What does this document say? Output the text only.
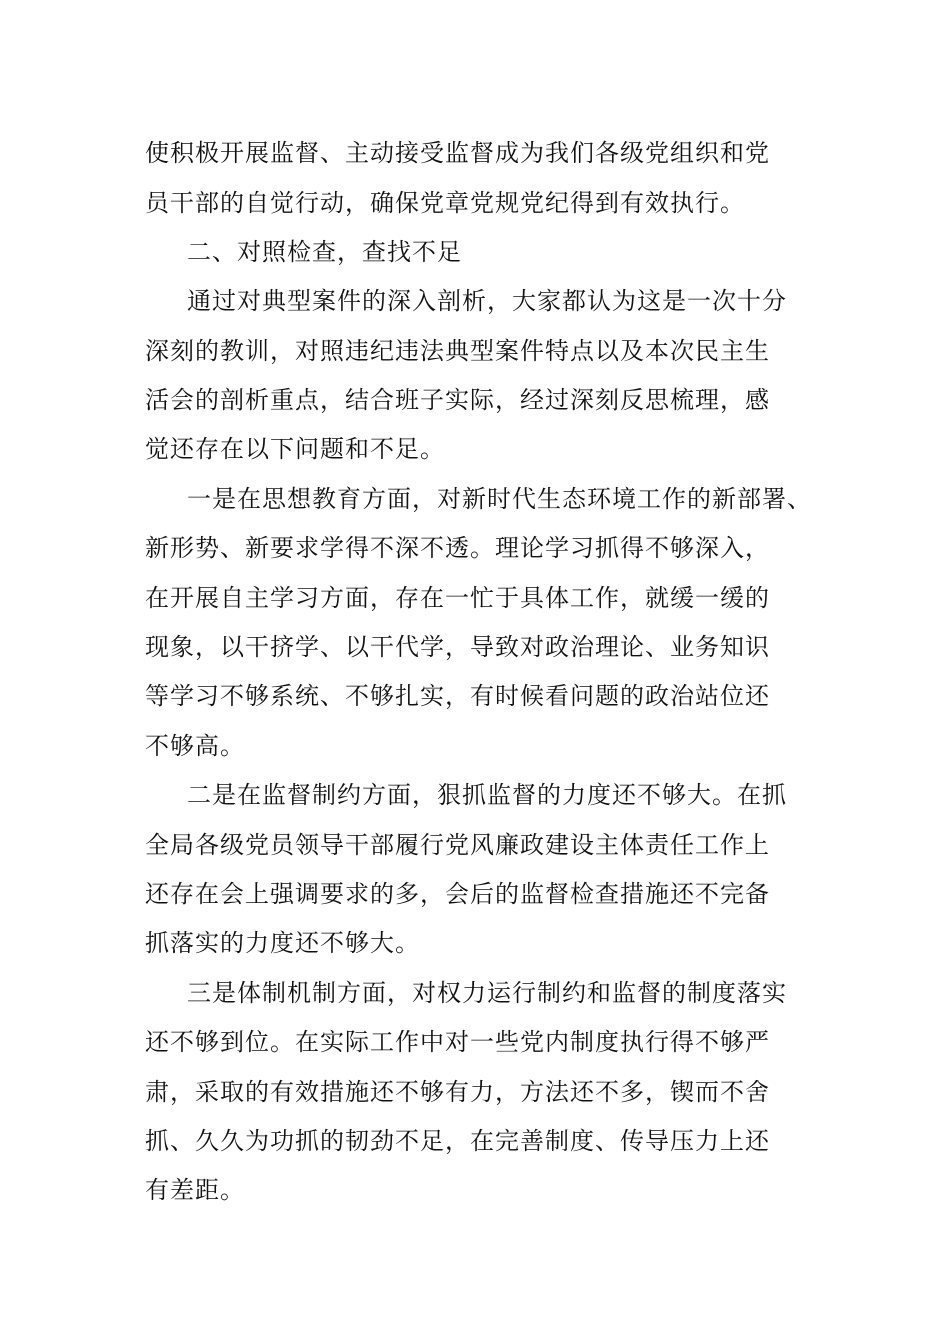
使积极开展监督、主动接受监督成为我们各级党组织和党
员干部的自觉行动，确保党章党规党纪得到有效执行。
二、对照检查，查找不足
通过对典型案件的深入剖析，大家都认为这是一次十分
深刻的教训，对照违纪违法典型案件特点以及本次民主生
活会的剖析重点，结合班子实际，经过深刻反思梳理，感
觉还存在以下问题和不足。
一是在思想教育方面，对新时代生态环境工作的新部署、
新形势、新要求学得不深不透。理论学习抓得不够深入，
在开展自主学习方面，存在一忙于具体工作，就缓一缓的
现象，以干挤学、以干代学，导致对政治理论、业务知识
等学习不够系统、不够扎实，有时候看问题的政治站位还
不够高。
二是在监督制约方面，狠抓监督的力度还不够大。在抓
全局各级党员领导干部履行党风廉政建设主体责任工作上
还存在会上强调要求的多，会后的监督检查措施还不完备
抓落实的力度还不够大。
三是体制机制方面，对权力运行制约和监督的制度落实
还不够到位。在实际工作中对一些党内制度执行得不够严
肃，采取的有效措施还不够有力，方法还不多，锲而不舍
抓、久久为功抓的韧劲不足，在完善制度、传导压力上还
有差距。
